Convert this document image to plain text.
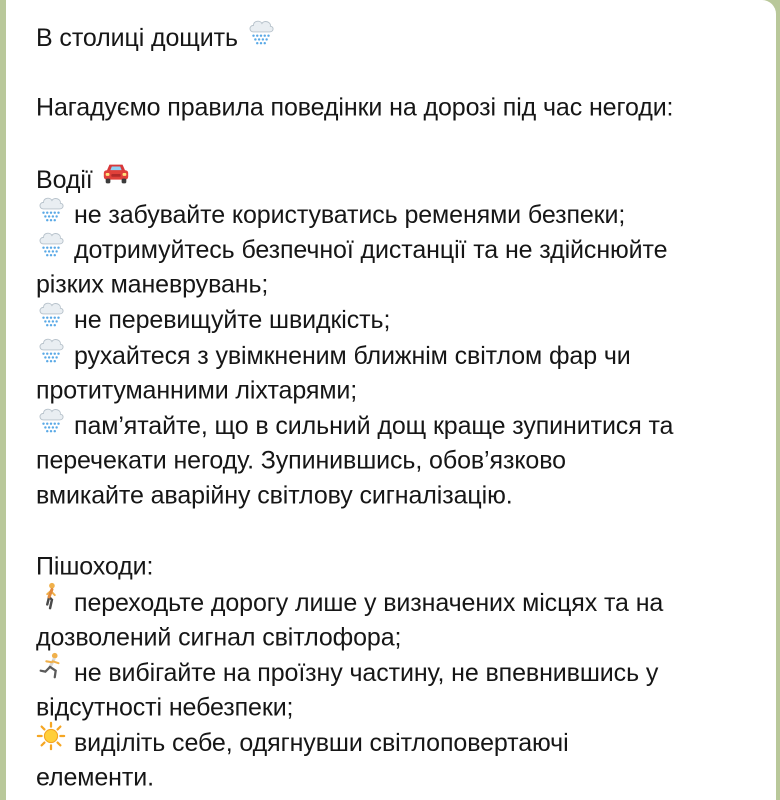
В столиці дощить
Нагадуємо правила поведінки на дорозі під час негоди:
Водії
не забувайте користуватись ременями безпеки;
дотримуйтесь безпечної дистанції та не здійснюйте
різких маневрувань;
не перевищуйте швидкість;
рухайтеся з увімкненим ближнім світлом фар чи
протитуманними ліхтарями;
пам’ятайте, що в сильний дощ краще зупинитися та
перечекати негоду. Зупинившись, обов’язково
вмикайте аварійну світлову сигналізацію.
Пішоходи:
переходьте дорогу лише у визначених місцях та на
дозволений сигнал світлофора;
не вибігайте на проїзну частину, не впевнившись у
відсутності небезпеки;
виділіть себе, одягнувши світлоповертаючі
елементи.
